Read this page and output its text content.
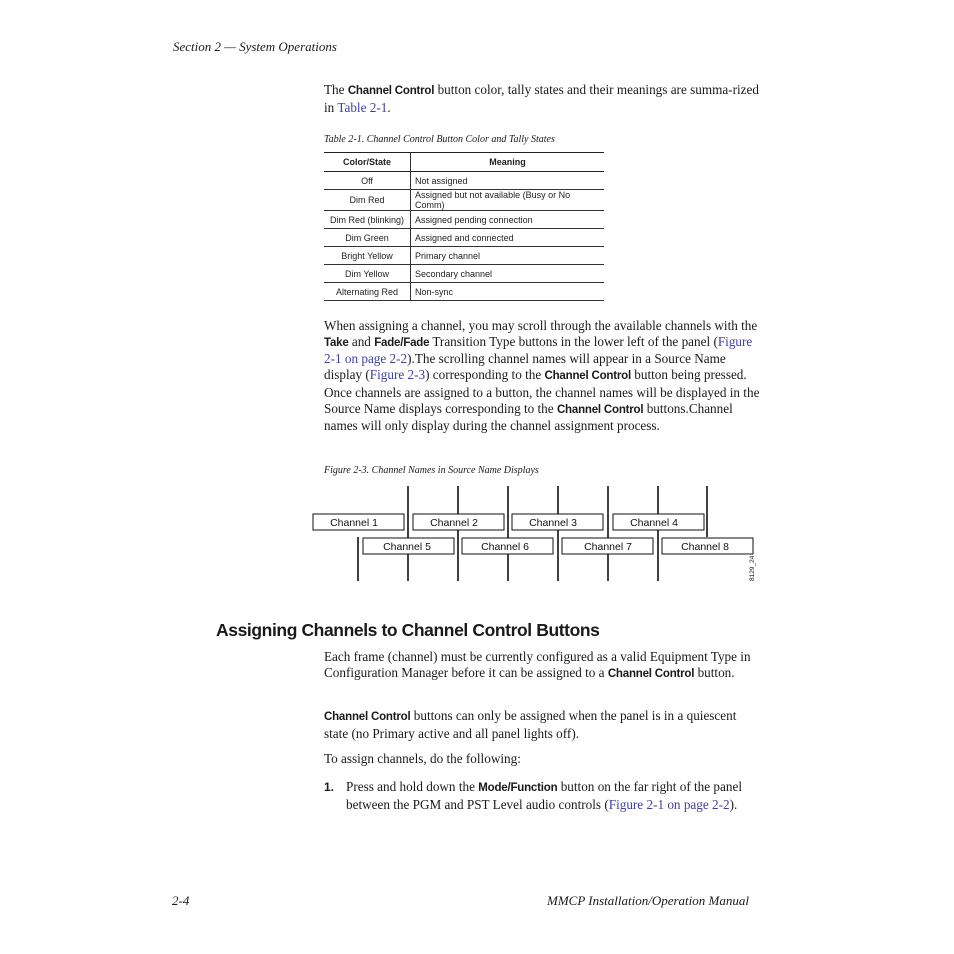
Section 2 — System Operations
The Channel Control button color, tally states and their meanings are summa-rized in Table 2-1.
Table 2-1. Channel Control Button Color and Tally States
Color/State	Meaning
Off	Not assigned
Dim Red	Assigned but not available (Busy or No Comm)
Dim Red (blinking)	Assigned pending connection
Dim Green	Assigned and connected
Bright Yellow	Primary channel
Dim Yellow	Secondary channel
Alternating Red	Non-sync
When assigning a channel, you may scroll through the available channels with the Take and Fade/Fade Transition Type buttons in the lower left of the panel (Figure 2-1 on page 2-2).The scrolling channel names will appear in a Source Name display (Figure 2-3) corresponding to the Channel Control button being pressed. Once channels are assigned to a button, the channel names will be displayed in the Source Name displays corresponding to the Channel Control buttons.Channel names will only display during the channel assignment process.
Figure 2-3. Channel Names in Source Name Displays
Channel 1	Channel 2	Channel 3	Channel 4
Channel 5	Channel 6	Channel 7	Channel 8
8129_24
Assigning Channels to Channel Control Buttons
Each frame (channel) must be currently configured as a valid Equipment Type in Configuration Manager before it can be assigned to a Channel Control button.
Channel Control buttons can only be assigned when the panel is in a quiescent state (no Primary active and all panel lights off).
To assign channels, do the following:
1. Press and hold down the Mode/Function button on the far right of the panel between the PGM and PST Level audio controls (Figure 2-1 on page 2-2).
2-4	MMCP Installation/Operation Manual
